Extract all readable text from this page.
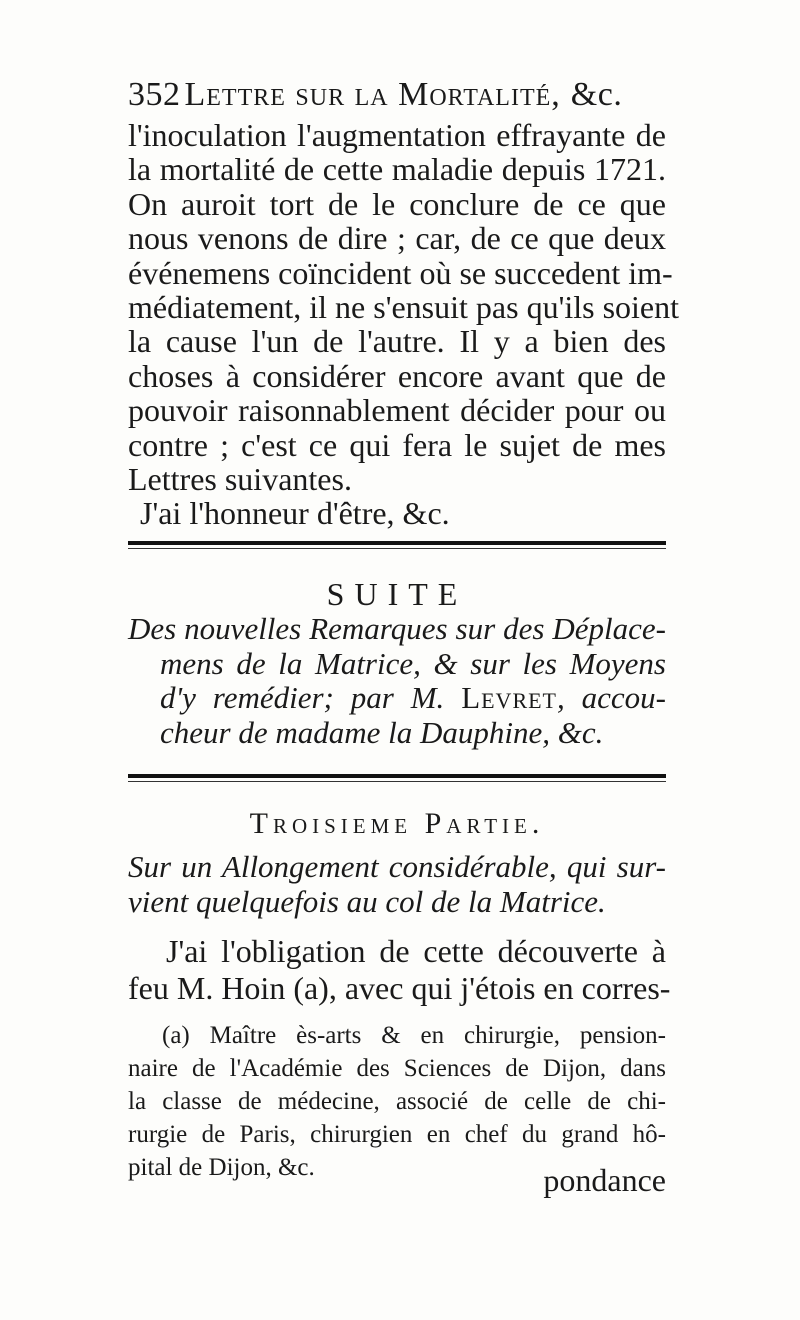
352 Lettre sur la Mortalité, &c.
l'inoculation l'augmentation effrayante de
la mortalité de cette maladie depuis 1721.
On auroit tort de le conclure de ce que
nous venons de dire ; car, de ce que deux
événemens coïncident où se succedent im-
médiatement, il ne s'ensuit pas qu'ils soient
la cause l'un de l'autre. Il y a bien des
choses à considérer encore avant que de
pouvoir raisonnablement décider pour ou
contre ; c'est ce qui fera le sujet de mes
Lettres suivantes.
J'ai l'honneur d'être, &c.
SUITE
Des nouvelles Remarques sur des Déplace-
mens de la Matrice, & sur les Moyens
d'y remédier; par M. Levret, accou-
cheur de madame la Dauphine, &c.
Troisieme Partie.
Sur un Allongement considérable, qui sur-
vient quelquefois au col de la Matrice.
J'ai l'obligation de cette découverte à
feu M. Hoin (a), avec qui j'étois en corres-
(a) Maître ès-arts & en chirurgie, pension-
naire de l'Académie des Sciences de Dijon, dans
la classe de médecine, associé de celle de chi-
rurgie de Paris, chirurgien en chef du grand hô-
pital de Dijon, &c.	pondance
